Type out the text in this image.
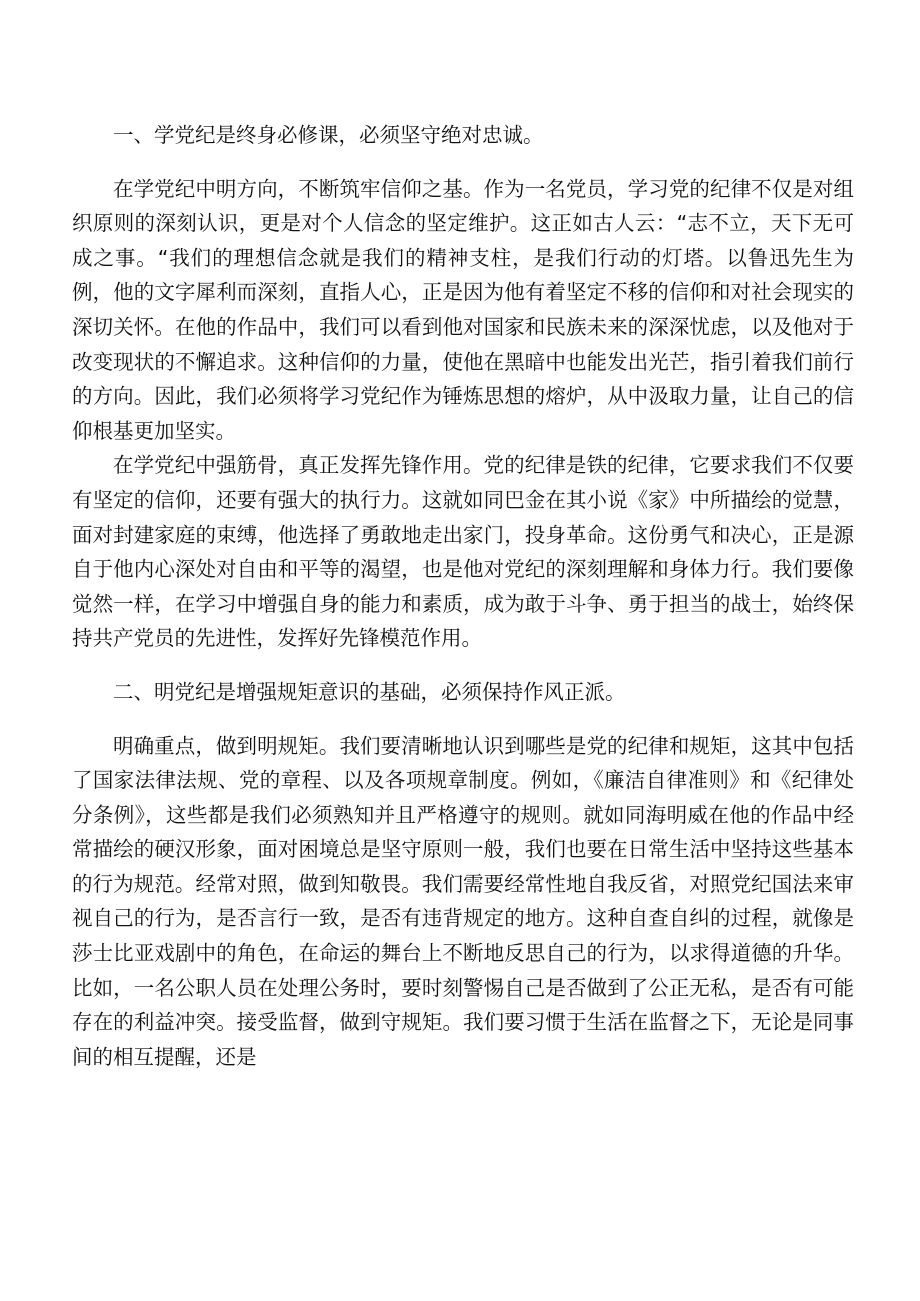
一、学党纪是终身必修课，必须坚守绝对忠诚。

在学党纪中明方向，不断筑牢信仰之基。作为一名党员，学习党的纪律不仅是对组织原则的深刻认识，更是对个人信念的坚定维护。这正如古人云：“志不立，天下无可成之事。“我们的理想信念就是我们的精神支柱，是我们行动的灯塔。以鲁迅先生为例，他的文字犀利而深刻，直指人心，正是因为他有着坚定不移的信仰和对社会现实的深切关怀。在他的作品中，我们可以看到他对国家和民族未来的深深忧虑，以及他对于改变现状的不懈追求。这种信仰的力量，使他在黑暗中也能发出光芒，指引着我们前行的方向。因此，我们必须将学习党纪作为锤炼思想的熔炉，从中汲取力量，让自己的信仰根基更加坚实。

在学党纪中强筋骨，真正发挥先锋作用。党的纪律是铁的纪律，它要求我们不仅要有坚定的信仰，还要有强大的执行力。这就如同巴金在其小说《家》中所描绘的觉慧，面对封建家庭的束缚，他选择了勇敢地走出家门，投身革命。这份勇气和决心，正是源自于他内心深处对自由和平等的渴望，也是他对党纪的深刻理解和身体力行。我们要像觉然一样，在学习中增强自身的能力和素质，成为敢于斗争、勇于担当的战士，始终保持共产党员的先进性，发挥好先锋模范作用。

二、明党纪是增强规矩意识的基础，必须保持作风正派。

明确重点，做到明规矩。我们要清晰地认识到哪些是党的纪律和规矩，这其中包括了国家法律法规、党的章程、以及各项规章制度。例如，《廉洁自律准则》和《纪律处分条例》，这些都是我们必须熟知并且严格遵守的规则。就如同海明威在他的作品中经常描绘的硬汉形象，面对困境总是坚守原则一般，我们也要在日常生活中坚持这些基本的行为规范。经常对照，做到知敬畏。我们需要经常性地自我反省，对照党纪国法来审视自己的行为，是否言行一致，是否有违背规定的地方。这种自查自纠的过程，就像是莎士比亚戏剧中的角色，在命运的舞台上不断地反思自己的行为，以求得道德的升华。比如，一名公职人员在处理公务时，要时刻警惕自己是否做到了公正无私，是否有可能存在的利益冲突。接受监督，做到守规矩。我们要习惯于生活在监督之下，无论是同事间的相互提醒，还是
